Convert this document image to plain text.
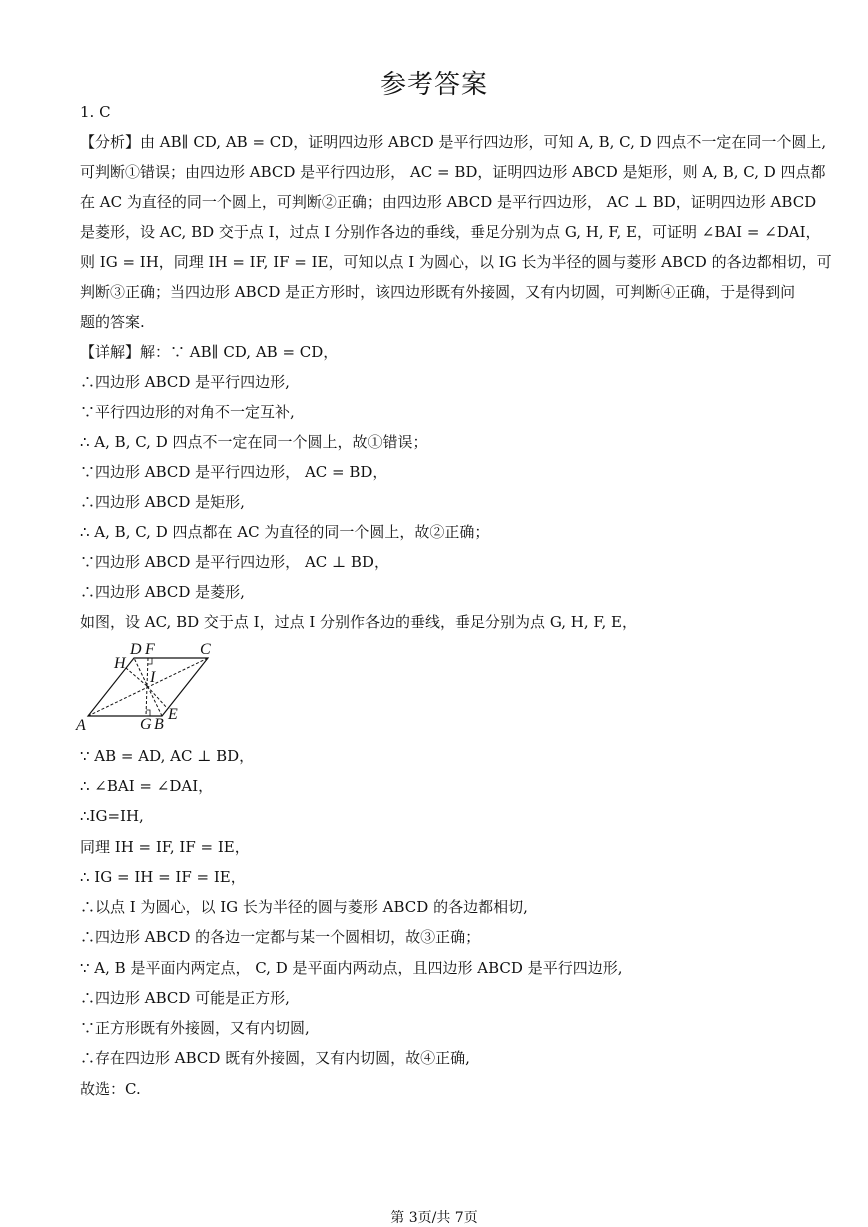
参考答案
1. C
【分析】由 AB∥ CD, AB = CD，证明四边形 ABCD 是平行四边形，可知 A, B, C, D 四点不一定在同一个圆上,
可判断①错误；由四边形 ABCD 是平行四边形， AC = BD，证明四边形 ABCD 是矩形，则 A, B, C, D 四点都
在 AC 为直径的同一个圆上，可判断②正确；由四边形 ABCD 是平行四边形， AC ⊥ BD，证明四边形 ABCD
是菱形，设 AC, BD 交于点 I，过点 I 分别作各边的垂线，垂足分别为点 G, H, F, E，可证明 ∠BAI = ∠DAI，
则 IG = IH，同理 IH = IF, IF = IE，可知以点 I 为圆心，以 IG 长为半径的圆与菱形 ABCD 的各边都相切，可
判断③正确；当四边形 ABCD 是正方形时，该四边形既有外接圆，又有内切圆，可判断④正确，于是得到问
题的答案.
【详解】解：∵ AB∥ CD, AB = CD，
∴四边形 ABCD 是平行四边形,
∵平行四边形的对角不一定互补,
∴ A, B, C, D 四点不一定在同一个圆上，故①错误；
∵四边形 ABCD 是平行四边形， AC = BD，
∴四边形 ABCD 是矩形,
∴ A, B, C, D 四点都在 AC 为直径的同一个圆上，故②正确；
∵四边形 ABCD 是平行四边形， AC ⊥ BD，
∴四边形 ABCD 是菱形,
如图，设 AC, BD 交于点 I，过点 I 分别作各边的垂线，垂足分别为点 G, H, F, E，
A	B
C
D
E
F
G
H
I
∵ AB = AD, AC ⊥ BD，
∴ ∠BAI = ∠DAI，
∴IG=IH,
同理 IH = IF, IF = IE，
∴ IG = IH = IF = IE，
∴以点 I 为圆心，以 IG 长为半径的圆与菱形 ABCD 的各边都相切,
∴四边形 ABCD 的各边一定都与某一个圆相切，故③正确；
∵ A, B 是平面内两定点， C, D 是平面内两动点，且四边形 ABCD 是平行四边形,
∴四边形 ABCD 可能是正方形,
∵正方形既有外接圆，又有内切圆,
∴存在四边形 ABCD 既有外接圆，又有内切圆，故④正确,
故选：C.
第 3页/共 7页
